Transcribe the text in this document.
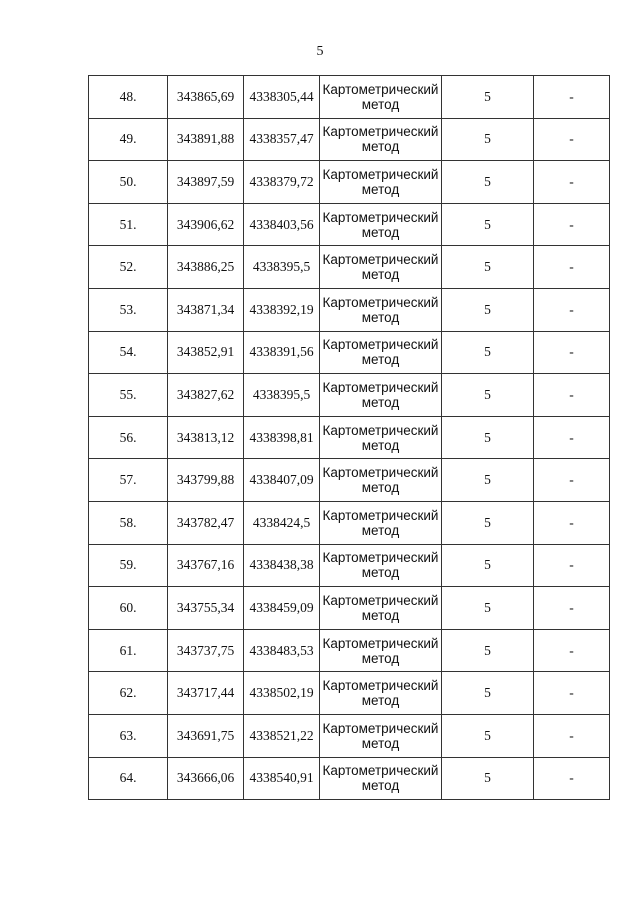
5
48.	343865,69	4338305,44	Картометрический метод	5	-
49.	343891,88	4338357,47	Картометрический метод	5	-
50.	343897,59	4338379,72	Картометрический метод	5	-
51.	343906,62	4338403,56	Картометрический метод	5	-
52.	343886,25	4338395,5	Картометрический метод	5	-
53.	343871,34	4338392,19	Картометрический метод	5	-
54.	343852,91	4338391,56	Картометрический метод	5	-
55.	343827,62	4338395,5	Картометрический метод	5	-
56.	343813,12	4338398,81	Картометрический метод	5	-
57.	343799,88	4338407,09	Картометрический метод	5	-
58.	343782,47	4338424,5	Картометрический метод	5	-
59.	343767,16	4338438,38	Картометрический метод	5	-
60.	343755,34	4338459,09	Картометрический метод	5	-
61.	343737,75	4338483,53	Картометрический метод	5	-
62.	343717,44	4338502,19	Картометрический метод	5	-
63.	343691,75	4338521,22	Картометрический метод	5	-
64.	343666,06	4338540,91	Картометрический метод	5	-
